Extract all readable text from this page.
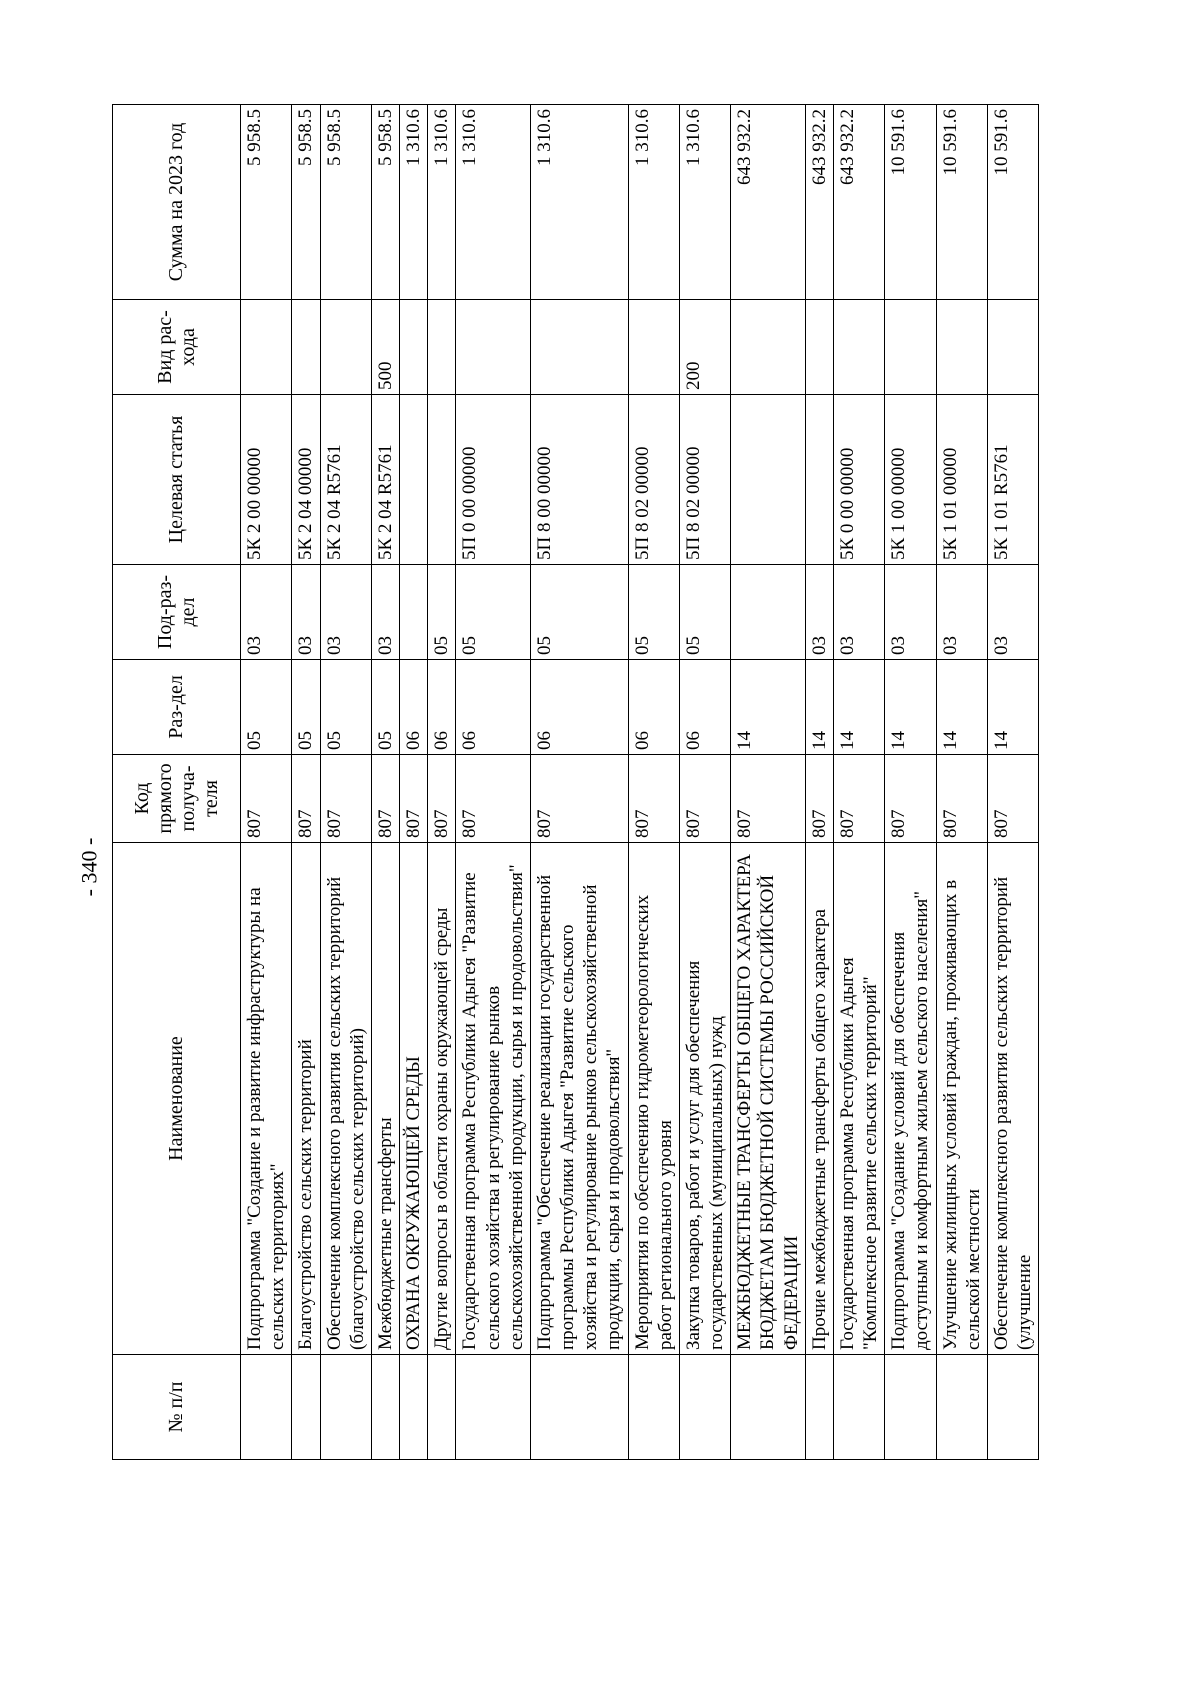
- 340 -
№ п/п	Наименование	Код прямого получа-теля	Раз-дел	Под-раз-дел	Целевая статья	Вид рас-хода	Сумма на 2023 год
	Подпрограмма "Создание и развитие инфраструктуры на сельских территориях"	807	05	03	5К 2 00 00000		5 958.5
	Благоустройство сельских территорий	807	05	03	5К 2 04 00000		5 958.5
	Обеспечение комплексного развития сельских территорий (благоустройство сельских территорий)	807	05	03	5К 2 04 R5761		5 958.5
	Межбюджетные трансферты	807	05	03	5К 2 04 R5761	500	5 958.5
	ОХРАНА ОКРУЖАЮЩЕЙ СРЕДЫ	807	06				1 310.6
	Другие вопросы в области охраны окружающей среды	807	06	05			1 310.6
	Государственная программа Республики Адыгея "Развитие сельского хозяйства и регулирование рынков сельскохозяйственной продукции, сырья и продовольствия"	807	06	05	5П 0 00 00000		1 310.6
	Подпрограмма "Обеспечение реализации государственной программы Республики Адыгея "Развитие сельского хозяйства и регулирование рынков сельскохозяйственной продукции, сырья и продовольствия"	807	06	05	5П 8 00 00000		1 310.6
	Мероприятия по обеспечению гидрометеорологических работ регионального уровня	807	06	05	5П 8 02 00000		1 310.6
	Закупка товаров, работ и услуг для обеспечения государственных (муниципальных) нужд	807	06	05	5П 8 02 00000	200	1 310.6
	МЕЖБЮДЖЕТНЫЕ ТРАНСФЕРТЫ ОБЩЕГО ХАРАКТЕРА БЮДЖЕТАМ БЮДЖЕТНОЙ СИСТЕМЫ РОССИЙСКОЙ ФЕДЕРАЦИИ	807	14				643 932.2
	Прочие межбюджетные трансферты общего характера	807	14	03			643 932.2
	Государственная программа Республики Адыгея "Комплексное развитие сельских территорий"	807	14	03	5К 0 00 00000		643 932.2
	Подпрограмма "Создание условий для обеспечения доступным и комфортным жильем сельского населения"	807	14	03	5К 1 00 00000		10 591.6
	Улучшение жилищных условий граждан, проживающих в сельской местности	807	14	03	5К 1 01 00000		10 591.6
	Обеспечение комплексного развития сельских территорий (улучшение	807	14	03	5К 1 01 R5761		10 591.6
